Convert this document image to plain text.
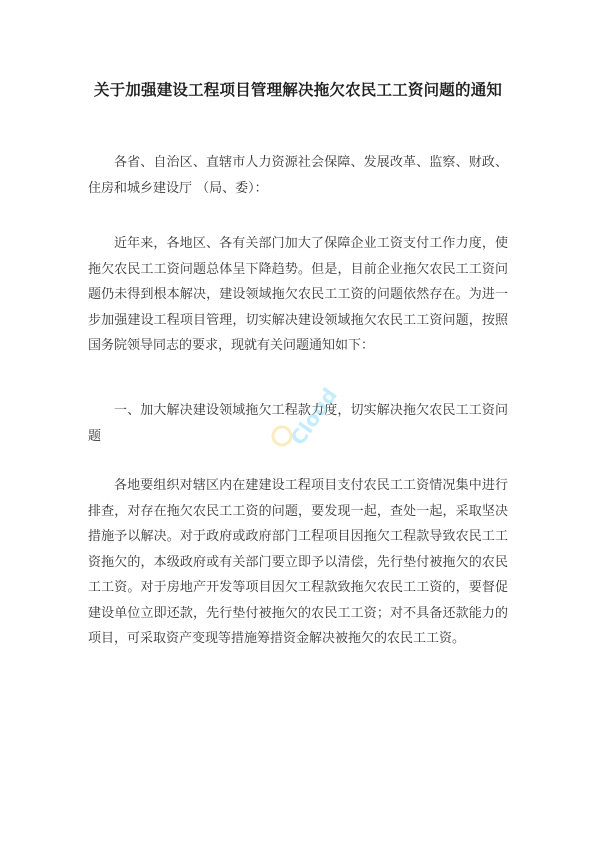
关于加强建设工程项目管理解决拖欠农民工工资问题的通知

各省、自治区、直辖市人力资源社会保障、发展改革、监察、财政、住房和城乡建设厅 （局、委）：

近年来，各地区、各有关部门加大了保障企业工资支付工作力度，使拖欠农民工工资问题总体呈下降趋势。但是，目前企业拖欠农民工工资问题仍未得到根本解决，建设领域拖欠农民工工资的问题依然存在。为进一步加强建设工程项目管理，切实解决建设领域拖欠农民工工资问题，按照国务院领导同志的要求，现就有关问题通知如下：

一、加大解决建设领域拖欠工程款力度，切实解决拖欠农民工工资问题

各地要组织对辖区内在建建设工程项目支付农民工工资情况集中进行排查，对存在拖欠农民工工资的问题，要发现一起，查处一起，采取坚决措施予以解决。对于政府或政府部门工程项目因拖欠工程款导致农民工工资拖欠的，本级政府或有关部门要立即予以清偿，先行垫付被拖欠的农民工工资。对于房地产开发等项目因欠工程款致拖欠农民工工资的，要督促建设单位立即还款，先行垫付被拖欠的农民工工资；对不具备还款能力的项目，可采取资产变现等措施筹措资金解决被拖欠的农民工工资。

Cloud
